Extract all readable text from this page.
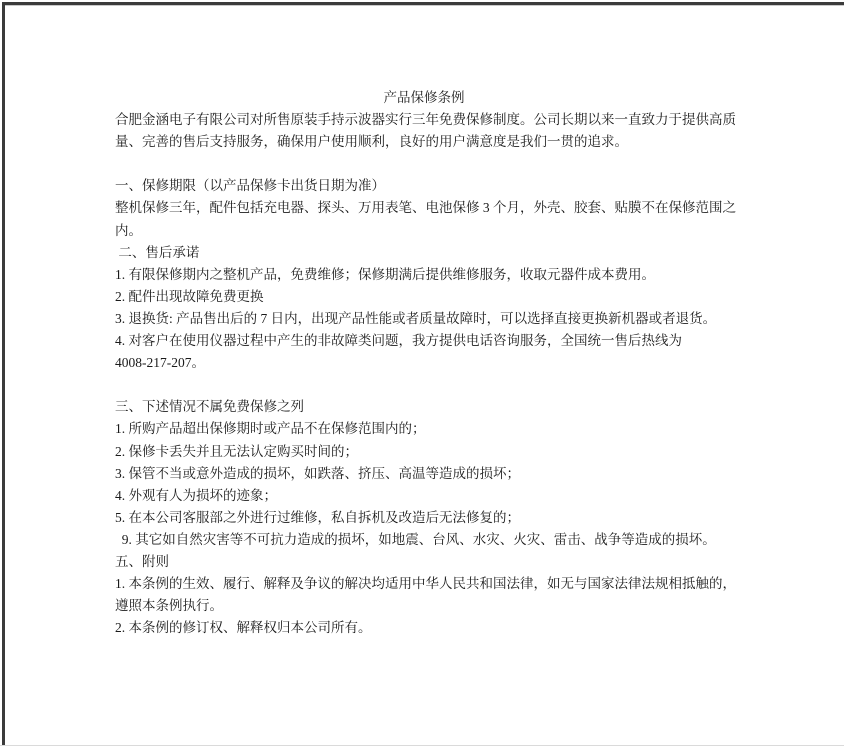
产品保修条例
合肥金涵电子有限公司对所售原装手持示波器实行三年免费保修制度。公司长期以来一直致力于提供高质
量、完善的售后支持服务，确保用户使用顺利，良好的用户满意度是我们一贯的追求。
一、保修期限（以产品保修卡出货日期为准）
整机保修三年，配件包括充电器、探头、万用表笔、电池保修 3 个月，外壳、胶套、贴膜不在保修范围之
内。
二、售后承诺
1. 有限保修期内之整机产品，免费维修；保修期满后提供维修服务，收取元器件成本费用。
2. 配件出现故障免费更换
3. 退换货: 产品售出后的 7 日内，出现产品性能或者质量故障时，可以选择直接更换新机器或者退货。
4. 对客户在使用仪器过程中产生的非故障类问题，我方提供电话咨询服务，全国统一售后热线为
4008-217-207。
三、下述情况不属免费保修之列
1. 所购产品超出保修期时或产品不在保修范围内的；
2. 保修卡丢失并且无法认定购买时间的；
3. 保管不当或意外造成的损坏，如跌落、挤压、高温等造成的损坏；
4. 外观有人为损坏的迹象；
5. 在本公司客服部之外进行过维修，私自拆机及改造后无法修复的；
9. 其它如自然灾害等不可抗力造成的损坏，如地震、台风、水灾、火灾、雷击、战争等造成的损坏。
五、附则
1. 本条例的生效、履行、解释及争议的解决均适用中华人民共和国法律，如无与国家法律法规相抵触的，
遵照本条例执行。
2. 本条例的修订权、解释权归本公司所有。
